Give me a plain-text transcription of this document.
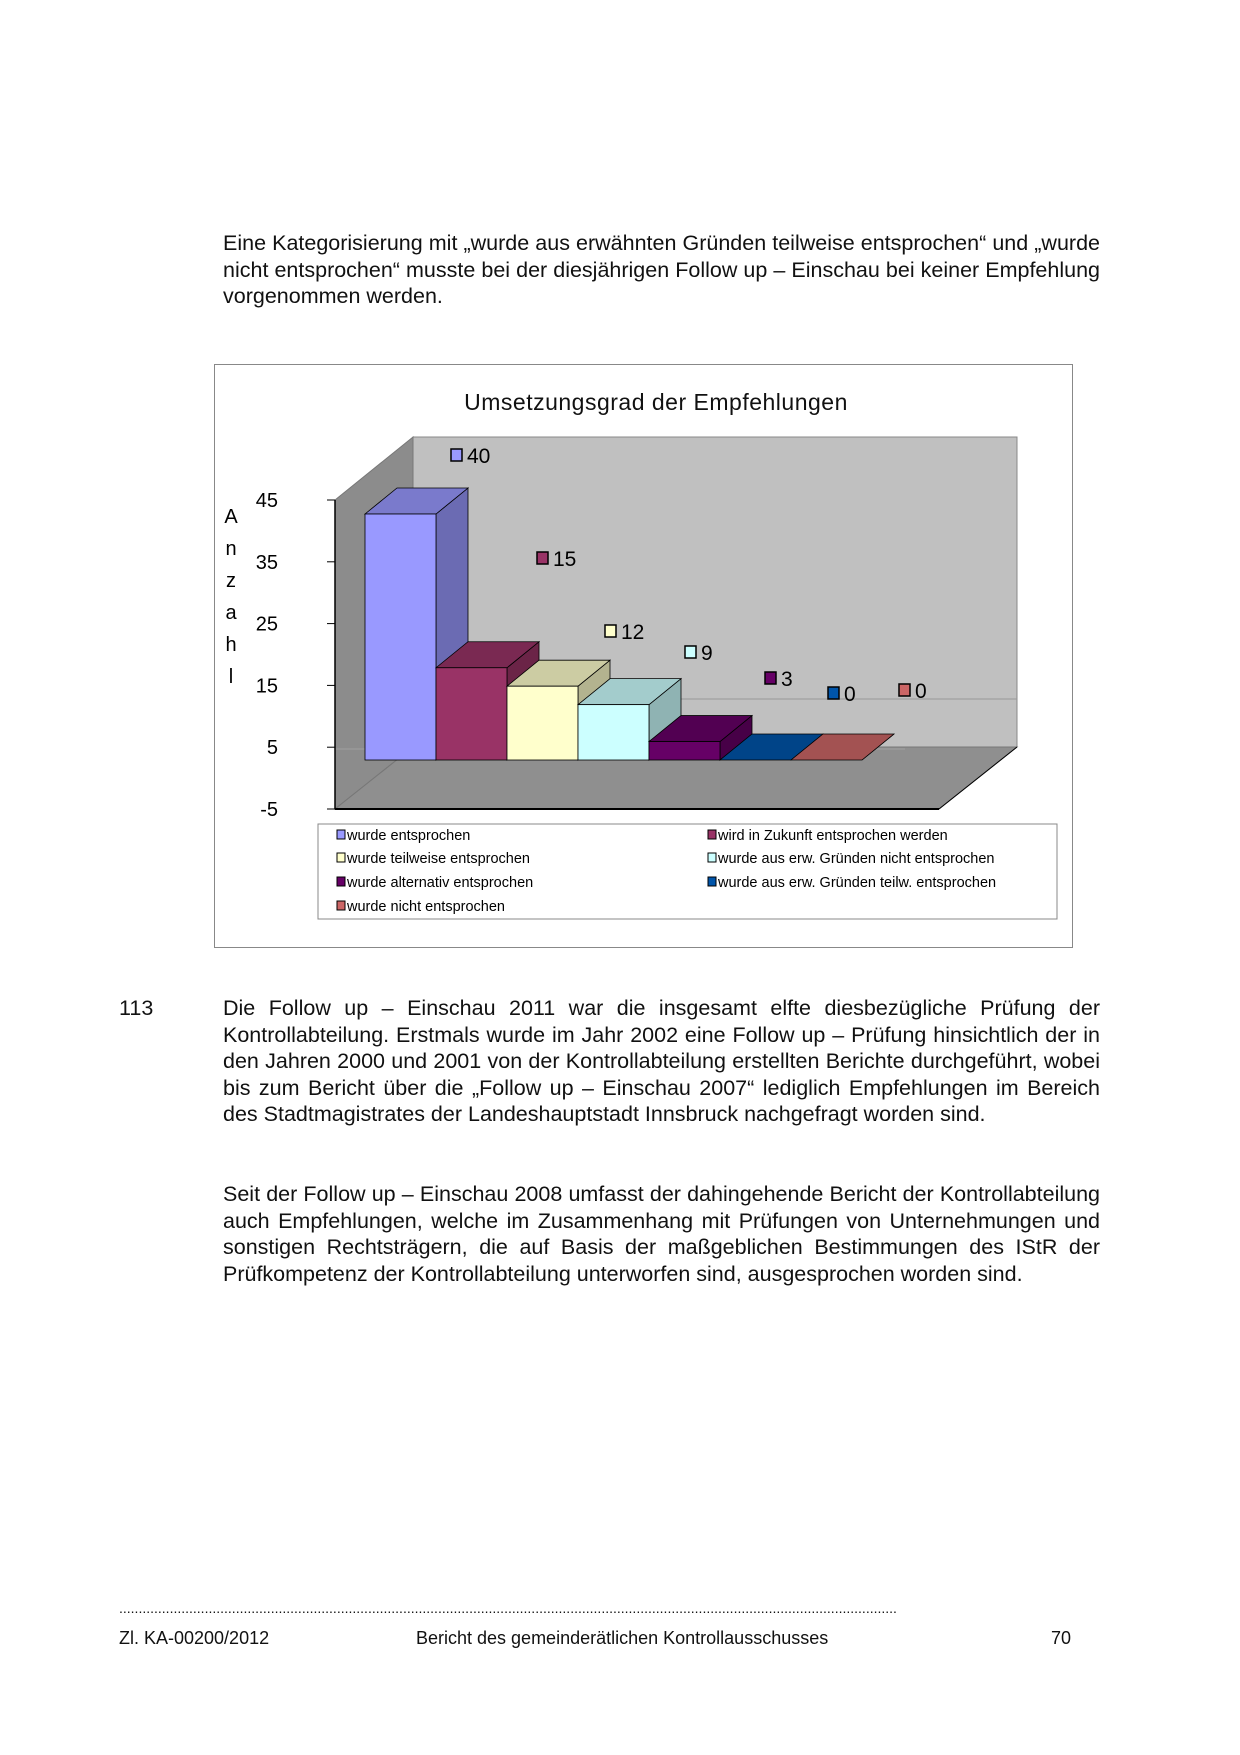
Eine Kategorisierung mit „wurde aus erwähnten Gründen teilweise entsprochen“ und „wurde nicht entsprochen“ musste bei der diesjährigen Follow up – Einschau bei keiner Empfehlung vorgenommen werden.
Umsetzungsgrad der Empfehlungen
45
35
25
15
5
-5
A
n
z
a
h
l
40
15
12
9
3
0	0
wurde entsprochen	wird in Zukunft entsprochen werden
wurde teilweise entsprochen	wurde aus erw. Gründen nicht entsprochen
wurde alternativ entsprochen	wurde aus erw. Gründen teilw. entsprochen
wurde nicht entsprochen
113	Die Follow up – Einschau 2011 war die insgesamt elfte diesbezügliche Prüfung der Kontrollabteilung. Erstmals wurde im Jahr 2002 eine Follow up – Prüfung hinsichtlich der in den Jahren 2000 und 2001 von der Kontrollabteilung erstellten Berichte durchgeführt, wobei bis zum Bericht über die „Follow up – Einschau 2007“ lediglich Empfehlungen im Bereich des Stadtmagistrates der Landeshauptstadt Innsbruck nachgefragt worden sind.
Seit der Follow up – Einschau 2008 umfasst der dahingehende Bericht der Kontrollabteilung auch Empfehlungen, welche im Zusammenhang mit Prüfungen von Unternehmungen und sonstigen Rechtsträgern, die auf Basis der maßgeblichen Bestimmungen des IStR der Prüfkompetenz der Kontrollabteilung unterworfen sind, ausgesprochen worden sind.
........................................................................................................................................................................................................
Zl. KA-00200/2012	Bericht des gemeinderätlichen Kontrollausschusses	70
